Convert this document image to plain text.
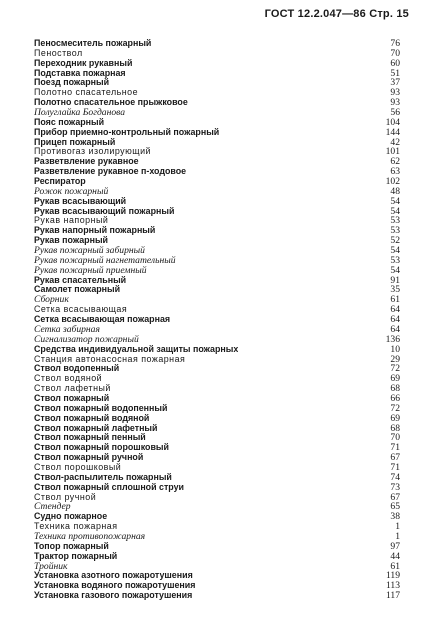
ГОСТ 12.2.047—86 Стр. 15
Пеносмеситель пожарный	76
Пеноствол	70
Переходник рукавный	60
Подставка пожарная	51
Поезд пожарный	37
Полотно спасательное	93
Полотно спасательное прыжковое	93
Полуглайка Богданова	56
Пояс пожарный	104
Прибор приемно-контрольный пожарный	144
Прицеп пожарный	42
Противогаз изолирующий	101
Разветвление рукавное	62
Разветвление рукавное п-ходовое	63
Респиратор	102
Рожок пожарный	48
Рукав всасывающий	54
Рукав всасывающий пожарный	54
Рукав напорный	53
Рукав напорный пожарный	53
Рукав пожарный	52
Рукав пожарный забирный	54
Рукав пожарный нагнетательный	53
Рукав пожарный приемный	54
Рукав спасательный	91
Самолет пожарный	35
Сборник	61
Сетка всасывающая	64
Сетка всасывающая пожарная	64
Сетка забирная	64
Сигнализатор пожарный	136
Средства индивидуальной защиты пожарных	10
Станция автонасосная пожарная	29
Ствол водопенный	72
Ствол водяной	69
Ствол лафетный	68
Ствол пожарный	66
Ствол пожарный водопенный	72
Ствол пожарный водяной	69
Ствол пожарный лафетный	68
Ствол пожарный пенный	70
Ствол пожарный порошковый	71
Ствол пожарный ручной	67
Ствол порошковый	71
Ствол-распылитель пожарный	74
Ствол пожарный сплошной струи	73
Ствол ручной	67
Стендер	65
Судно пожарное	38
Техника пожарная	1
Техника противопожарная	1
Топор пожарный	97
Трактор пожарный	44
Тройник	61
Установка азотного пожаротушения	119
Установка водяного пожаротушения	113
Установка газового пожаротушения	117
